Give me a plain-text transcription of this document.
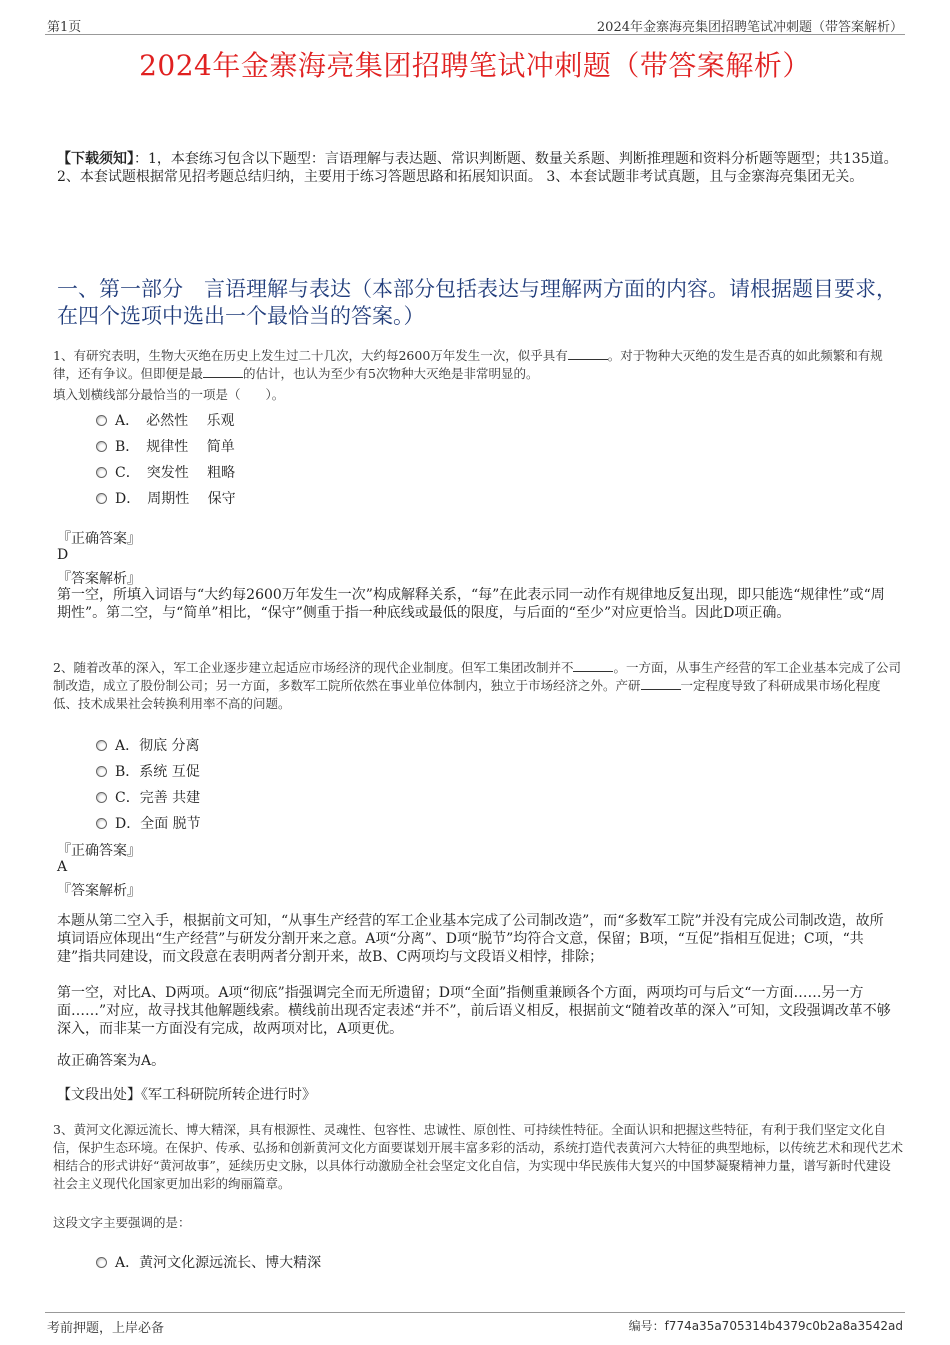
第1页	2024年金寨海亮集团招聘笔试冲刺题（带答案解析）
2024年金寨海亮集团招聘笔试冲刺题（带答案解析）
【下载须知】：1，本套练习包含以下题型：言语理解与表达题、常识判断题、数量关系题、判断推理题和资料分析题等题型；共135道。 2、本套试题根据常见招考题总结归纳，主要用于练习答题思路和拓展知识面。 3、本套试题非考试真题，且与金寨海亮集团无关。
一、第一部分　言语理解与表达（本部分包括表达与理解两方面的内容。请根据题目要求，在四个选项中选出一个最恰当的答案。）
1、有研究表明，生物大灭绝在历史上发生过二十几次，大约每2600万年发生一次，似乎具有	。对于物种大灭绝的发生是否真的如此频繁和有规律，还有争议。但即便是最	的估计，也认为至少有5次物种大灭绝是非常明显的。
填入划横线部分最恰当的一项是（　　）。
A．　必然性　 乐观
B．　规律性　 简单
C．　突发性　 粗略
D．　周期性　 保守
『正确答案』
D
『答案解析』
第一空，所填入词语与“大约每2600万年发生一次”构成解释关系，“每”在此表示同一动作有规律地反复出现，即只能选“规律性”或“周期性”。第二空，与“简单”相比，“保守”侧重于指一种底线或最低的限度，与后面的“至少”对应更恰当。因此D项正确。
2、随着改革的深入，军工企业逐步建立起适应市场经济的现代企业制度。但军工集团改制并不	。一方面，从事生产经营的军工企业基本完成了公司制改造，成立了股份制公司；另一方面，多数军工院所依然在事业单位体制内，独立于市场经济之外。产研	一定程度导致了科研成果市场化程度低、技术成果社会转换利用率不高的问题。
A．彻底 分离
B．系统 互促
C．完善 共建
D．全面 脱节
『正确答案』
A
『答案解析』
本题从第二空入手，根据前文可知，“从事生产经营的军工企业基本完成了公司制改造”，而“多数军工院”并没有完成公司制改造，故所填词语应体现出“生产经营”与研发分割开来之意。A项“分离”、D项“脱节”均符合文意，保留；B项，“互促”指相互促进；C项，“共建”指共同建设，而文段意在表明两者分割开来，故B、C两项均与文段语义相悖，排除；
第一空，对比A、D两项。A项“彻底”指强调完全而无所遗留；D项“全面”指侧重兼顾各个方面，两项均可与后文“一方面……另一方面……”对应，故寻找其他解题线索。横线前出现否定表述“并不”，前后语义相反，根据前文“随着改革的深入”可知，文段强调改革不够深入，而非某一方面没有完成，故两项对比，A项更优。
故正确答案为A。
【文段出处】《军工科研院所转企进行时》
3、黄河文化源远流长、博大精深，具有根源性、灵魂性、包容性、忠诚性、原创性、可持续性特征。全面认识和把握这些特征，有利于我们坚定文化自信，保护生态环境。在保护、传承、弘扬和创新黄河文化方面要谋划开展丰富多彩的活动，系统打造代表黄河六大特征的典型地标，以传统艺术和现代艺术相结合的形式讲好“黄河故事”，延续历史文脉，以具体行动激励全社会坚定文化自信，为实现中华民族伟大复兴的中国梦凝聚精神力量，谱写新时代建设社会主义现代化国家更加出彩的绚丽篇章。
这段文字主要强调的是：
A．黄河文化源远流长、博大精深
考前押题，上岸必备	编号：f774a35a705314b4379c0b2a8a3542ad
